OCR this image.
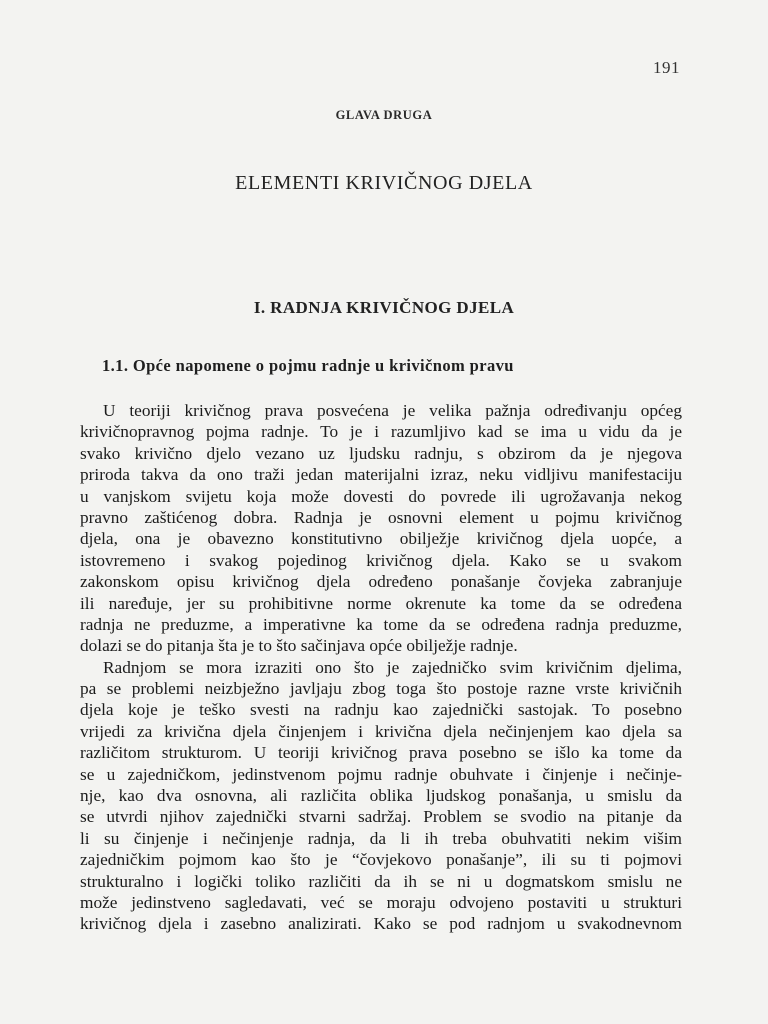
191
GLAVA DRUGA
ELEMENTI KRIVIČNOG DJELA
I. RADNJA KRIVIČNOG DJELA
1.1. Opće napomene o pojmu radnje u krivičnom pravu
U teoriji krivičnog prava posvećena je velika pažnja određivanju općeg
krivičnopravnog pojma radnje. To je i razumljivo kad se ima u vidu da je
svako krivično djelo vezano uz ljudsku radnju, s obzirom da je njegova
priroda takva da ono traži jedan materijalni izraz, neku vidljivu manifestaciju
u vanjskom svijetu koja može dovesti do povrede ili ugrožavanja nekog
pravno zaštićenog dobra. Radnja je osnovni element u pojmu krivičnog
djela, ona je obavezno konstitutivno obilježje krivičnog djela uopće, a
istovremeno i svakog pojedinog krivičnog djela. Kako se u svakom
zakonskom opisu krivičnog djela određeno ponašanje čovjeka zabranjuje
ili naređuje, jer su prohibitivne norme okrenute ka tome da se određena
radnja ne preduzme, a imperativne ka tome da se određena radnja preduzme,
dolazi se do pitanja šta je to što sačinjava opće obilježje radnje.
Radnjom se mora izraziti ono što je zajedničko svim krivičnim djelima,
pa se problemi neizbježno javljaju zbog toga što postoje razne vrste krivičnih
djela koje je teško svesti na radnju kao zajednički sastojak. To posebno
vrijedi za krivična djela činjenjem i krivična djela nečinjenjem kao djela sa
različitom strukturom. U teoriji krivičnog prava posebno se išlo ka tome da
se u zajedničkom, jedinstvenom pojmu radnje obuhvate i činjenje i nečinje-
nje, kao dva osnovna, ali različita oblika ljudskog ponašanja, u smislu da
se utvrdi njihov zajednički stvarni sadržaj. Problem se svodio na pitanje da
li su činjenje i nečinjenje radnja, da li ih treba obuhvatiti nekim višim
zajedničkim pojmom kao što je “čovjekovo ponašanje”, ili su ti pojmovi
strukturalno i logički toliko različiti da ih se ni u dogmatskom smislu ne
može jedinstveno sagledavati, već se moraju odvojeno postaviti u strukturi
krivičnog djela i zasebno analizirati. Kako se pod radnjom u svakodnevnom
